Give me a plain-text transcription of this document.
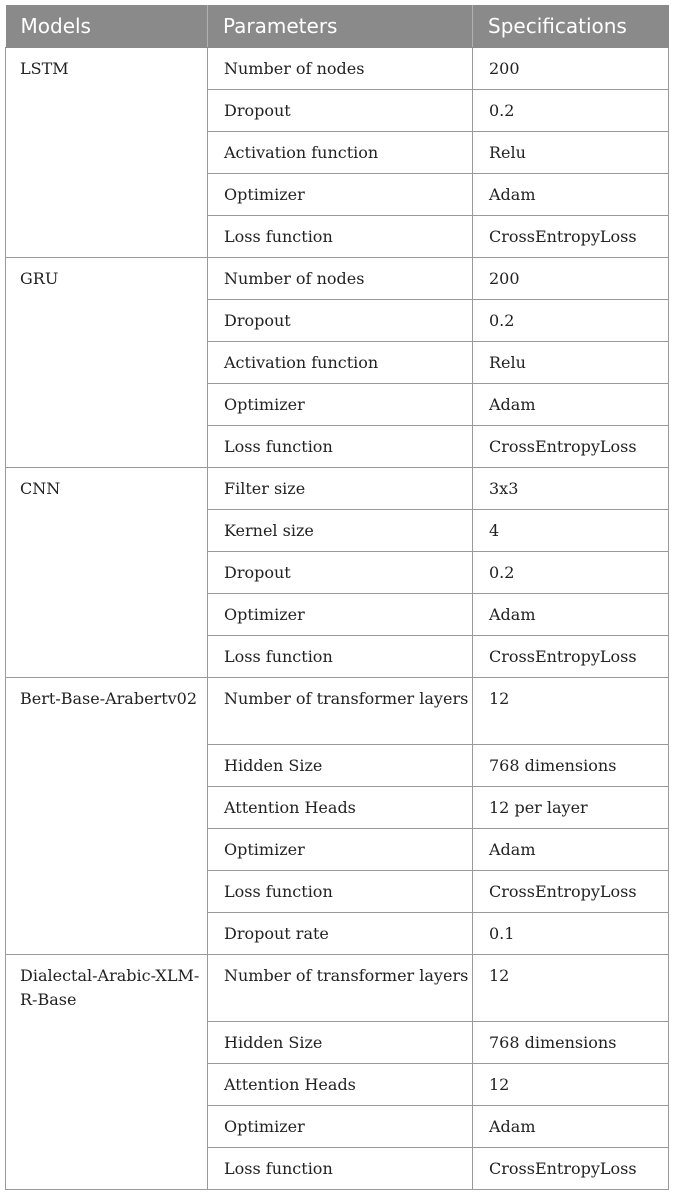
Models	Parameters	Specifications
LSTM	Number of nodes	200
	Dropout	0.2
	Activation function	Relu
	Optimizer	Adam
	Loss function	CrossEntropyLoss
GRU	Number of nodes	200
	Dropout	0.2
	Activation function	Relu
	Optimizer	Adam
	Loss function	CrossEntropyLoss
CNN	Filter size	3x3
	Kernel size	4
	Dropout	0.2
	Optimizer	Adam
	Loss function	CrossEntropyLoss
Bert-Base-Arabertv02	Number of transformer layers	12
	Hidden Size	768 dimensions
	Attention Heads	12 per layer
	Optimizer	Adam
	Loss function	CrossEntropyLoss
	Dropout rate	0.1
Dialectal-Arabic-XLM-R-Base	Number of transformer layers	12
	Hidden Size	768 dimensions
	Attention Heads	12
	Optimizer	Adam
	Loss function	CrossEntropyLoss
